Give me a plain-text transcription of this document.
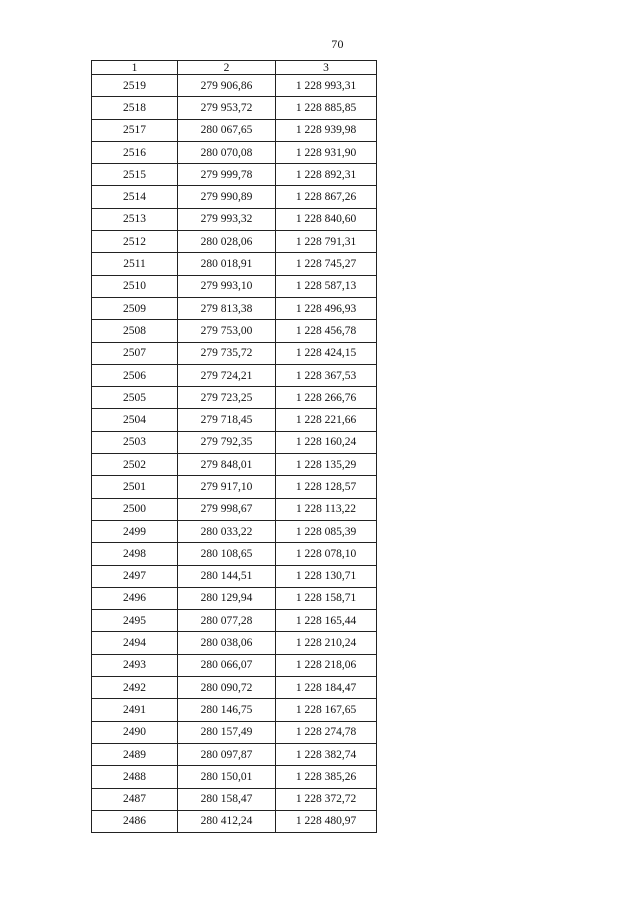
70
1	2	3
2519	279 906,86	1 228 993,31
2518	279 953,72	1 228 885,85
2517	280 067,65	1 228 939,98
2516	280 070,08	1 228 931,90
2515	279 999,78	1 228 892,31
2514	279 990,89	1 228 867,26
2513	279 993,32	1 228 840,60
2512	280 028,06	1 228 791,31
2511	280 018,91	1 228 745,27
2510	279 993,10	1 228 587,13
2509	279 813,38	1 228 496,93
2508	279 753,00	1 228 456,78
2507	279 735,72	1 228 424,15
2506	279 724,21	1 228 367,53
2505	279 723,25	1 228 266,76
2504	279 718,45	1 228 221,66
2503	279 792,35	1 228 160,24
2502	279 848,01	1 228 135,29
2501	279 917,10	1 228 128,57
2500	279 998,67	1 228 113,22
2499	280 033,22	1 228 085,39
2498	280 108,65	1 228 078,10
2497	280 144,51	1 228 130,71
2496	280 129,94	1 228 158,71
2495	280 077,28	1 228 165,44
2494	280 038,06	1 228 210,24
2493	280 066,07	1 228 218,06
2492	280 090,72	1 228 184,47
2491	280 146,75	1 228 167,65
2490	280 157,49	1 228 274,78
2489	280 097,87	1 228 382,74
2488	280 150,01	1 228 385,26
2487	280 158,47	1 228 372,72
2486	280 412,24	1 228 480,97
